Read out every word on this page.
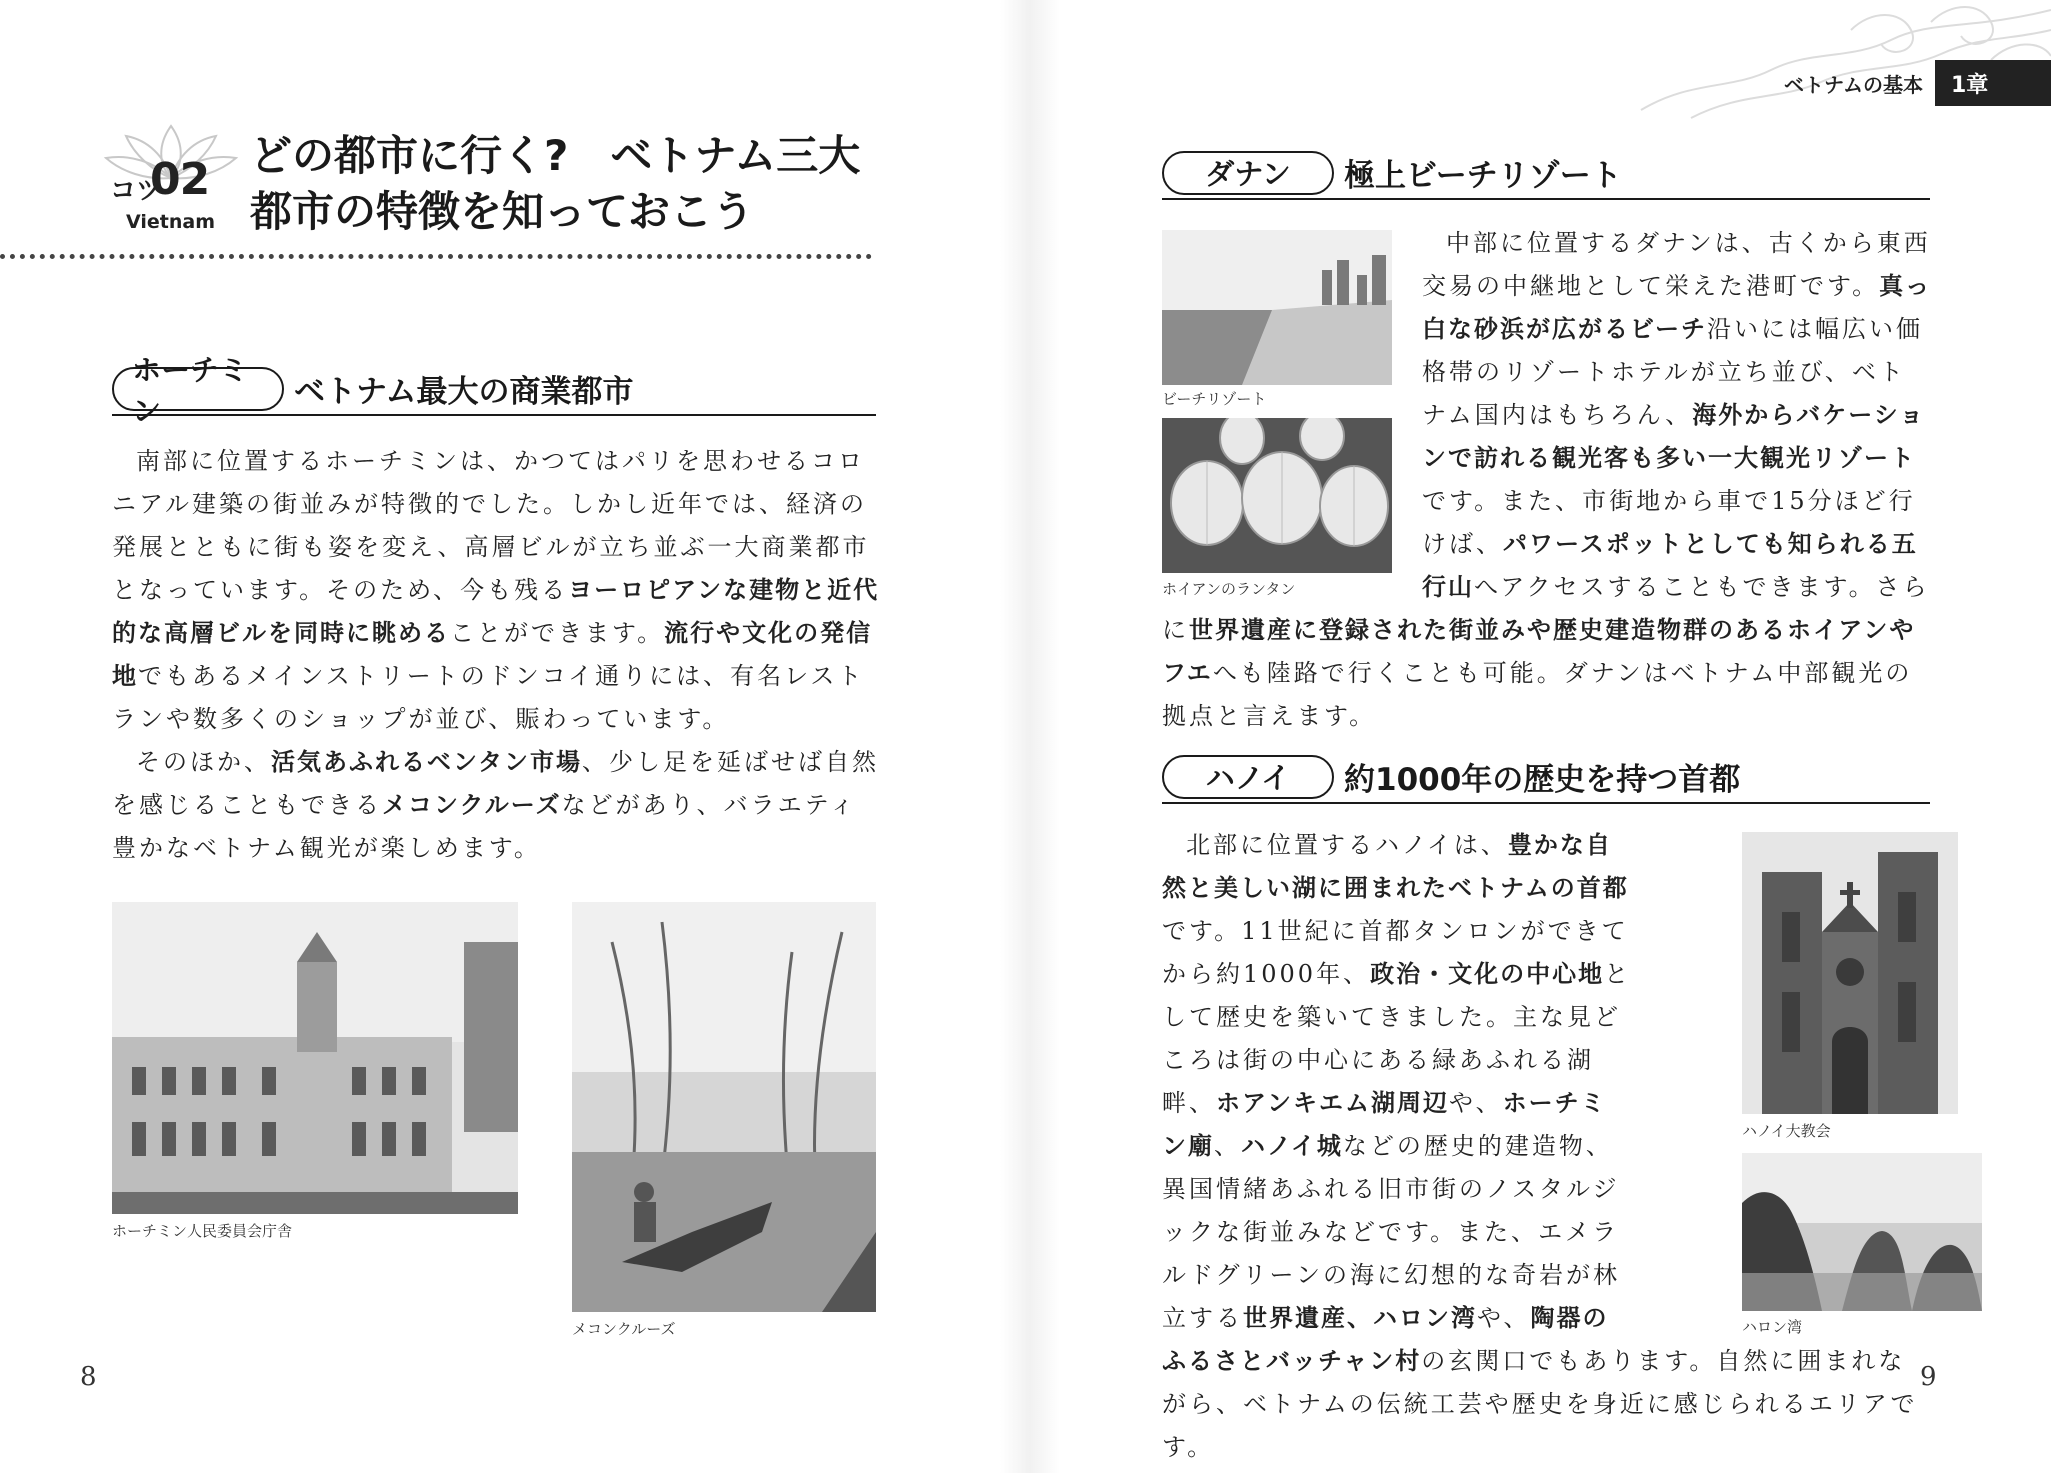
コツ
02
Vietnam
どの都市に行く?　ベトナム三大
都市の特徴を知っておこう
ホーチミン
ベトナム最大の商業都市

南部に位置するホーチミンは、かつてはパリを思わせるコロニアル建築の街並みが特徴的でした。しかし近年では、経済の発展とともに街も姿を変え、高層ビルが立ち並ぶ一大商業都市となっています。そのため、今も残るヨーロピアンな建物と近代的な高層ビルを同時に眺めることができます。流行や文化の発信地でもあるメインストリートのドンコイ通りには、有名レストランや数多くのショップが並び、賑わっています。

そのほか、活気あふれるベンタン市場、少し足を延ばせば自然を感じることもできるメコンクルーズなどがあり、バラエティ豊かなベトナム観光が楽しめます。

ホーチミン人民委員会庁舎
メコンクルーズ
8
ベトナムの基本	1章
ダナン	極上ビーチリゾート
ビーチリゾート
ホイアンのランタン

中部に位置するダナンは、古くから東西交易の中継地として栄えた港町です。真っ白な砂浜が広がるビーチ沿いには幅広い価格帯のリゾートホテルが立ち並び、ベトナム国内はもちろん、海外からバケーションで訪れる観光客も多い一大観光リゾートです。また、市街地から車で15分ほど行けば、パワースポットとしても知られる五行山へアクセスすることもできます。さらに世界遺産に登録された街並みや歴史建造物群のあるホイアンやフエへも陸路で行くことも可能。ダナンはベトナム中部観光の拠点と言えます。

ハノイ	約1000年の歴史を持つ首都
ハノイ大教会
ハロン湾

北部に位置するハノイは、豊かな自然と美しい湖に囲まれたベトナムの首都です。11世紀に首都タンロンができてから約1000年、政治・文化の中心地として歴史を築いてきました。主な見どころは街の中心にある緑あふれる湖畔、ホアンキエム湖周辺や、ホーチミン廟、ハノイ城などの歴史的建造物、異国情緒あふれる旧市街のノスタルジックな街並みなどです。また、エメラルドグリーンの海に幻想的な奇岩が林立する世界遺産、ハロン湾や、陶器のふるさとバッチャン村の玄関口でもあります。自然に囲まれながら、ベトナムの伝統工芸や歴史を身近に感じられるエリアです。

9
